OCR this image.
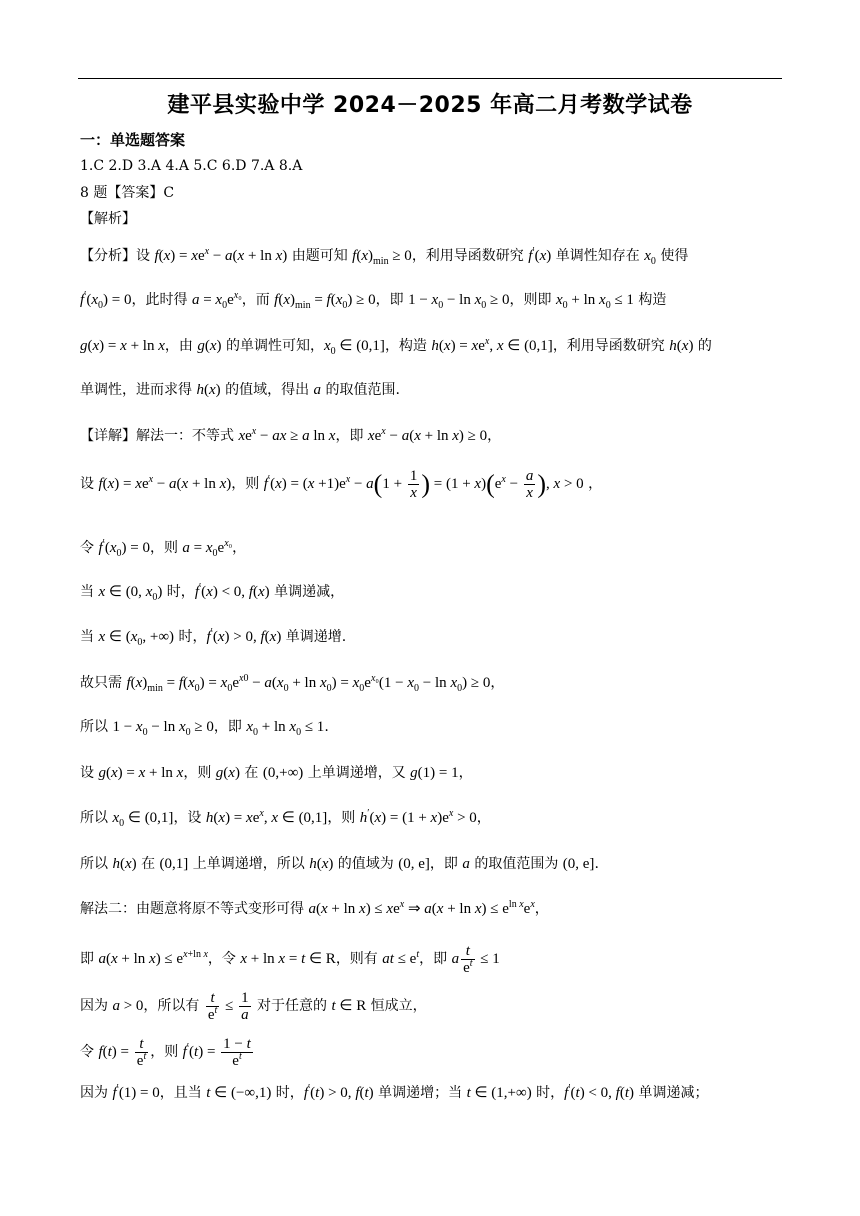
建平县实验中学 2024－2025 年高二月考数学试卷
一：单选题答案
1.C 2.D 3.A 4.A 5.C 6.D 7.A 8.A
8 题【答案】C
【解析】
【分析】设 $f(x) = xe^x - a(x + \ln x)$ 由题可知 $f(x)_{min} \ge 0$，利用导函数研究 f′(x) 单调性知存在 $x_0$ 使得
$f'(x_0) = 0$，此时得 $a = x_0e^{x_0}$，而 $f(x)_{min} = f(x_0) \ge 0$，即 $1 - x_0 - \ln x_0 \ge 0$，则即 $x_0 + \ln x_0 \le 1$ 构造
g(x) = x + ln x，由 g(x) 的单调性可知，$x_0$ ∈ (0,1]，构造 $h(x) = xe^x$, x ∈ (0,1]，利用导函数研究 h(x) 的
单调性，进而求得 h(x) 的值域，得出 a 的取值范围.
【详解】解法一：不等式 $xe^x$ − ax ≥ a ln x，即 $xe^x - a(x + \ln x) \ge 0$，
设 $f(x) = xe^x - a(x + \ln x)$，则 $f'(x) = (x +1)e^x - a(1 + \frac{1}{x}$ ) = $(1 + x)(e^x - \frac{a}{x}$ ), x > 0 ，
令 $f'(x_0) = 0$，则 $a = x_0e^{x_0}$，
当 x ∈ (0, $x_0$) 时，f′(x) < 0, f(x) 单调递减，
当 x ∈ ($x_0$, +∞) 时，f′(x) > 0, f(x) 单调递增.
故只需 $f(x)_{min} = f(x_0) = x_0e^{x0} - a(x_0 + \ln x_0) = x_0e^{x_0}(1 - x_0 - \ln x_0) \ge 0$，
所以 $1 - x_0 - \ln x_0 \ge 0$，即 $x_0 + \ln x_0 \le 1$.
设 g(x) = x + ln x，则 g(x) 在 (0,+∞) 上单调递增，又 g(1) = 1，
所以 $x_0$ ∈ (0,1]，设 $h(x) = xe^x$, x ∈ (0,1]，则 $h'(x) = (1 + x)e^x > 0$，
所以 h(x) 在 (0,1] 上单调递增，所以 h(x) 的值域为 (0, e]，即 a 的取值范围为 (0, e].
解法二：由题意将原不等式变形可得 $a(x + \ln x) \le xe^x$ ⇒ $a(x + \ln x) \le e^{ln x}e^x$，
即 $a(x + \ln x) \le e^{x+ln x}$，令 x + ln x = t ∈ R，则有 at ≤ $e^t$，即 a $\frac{t}{e^t} \le 1$
因为 a > 0，所以有 $\frac{t}{e^t} \le \frac{1}{a}$ 对于任意的 t ∈ R 恒成立，
令 $f(t) = \frac{t}{e^t}$ ，则 $f'(t) = \frac{1 - t}{e^t}$
因为 f′(1) = 0，且当 t ∈ (−∞,1) 时，f′(t) > 0, f(t) 单调递增；当 t ∈ (1,+∞) 时，f′(t) < 0, f(t) 单调递减；
